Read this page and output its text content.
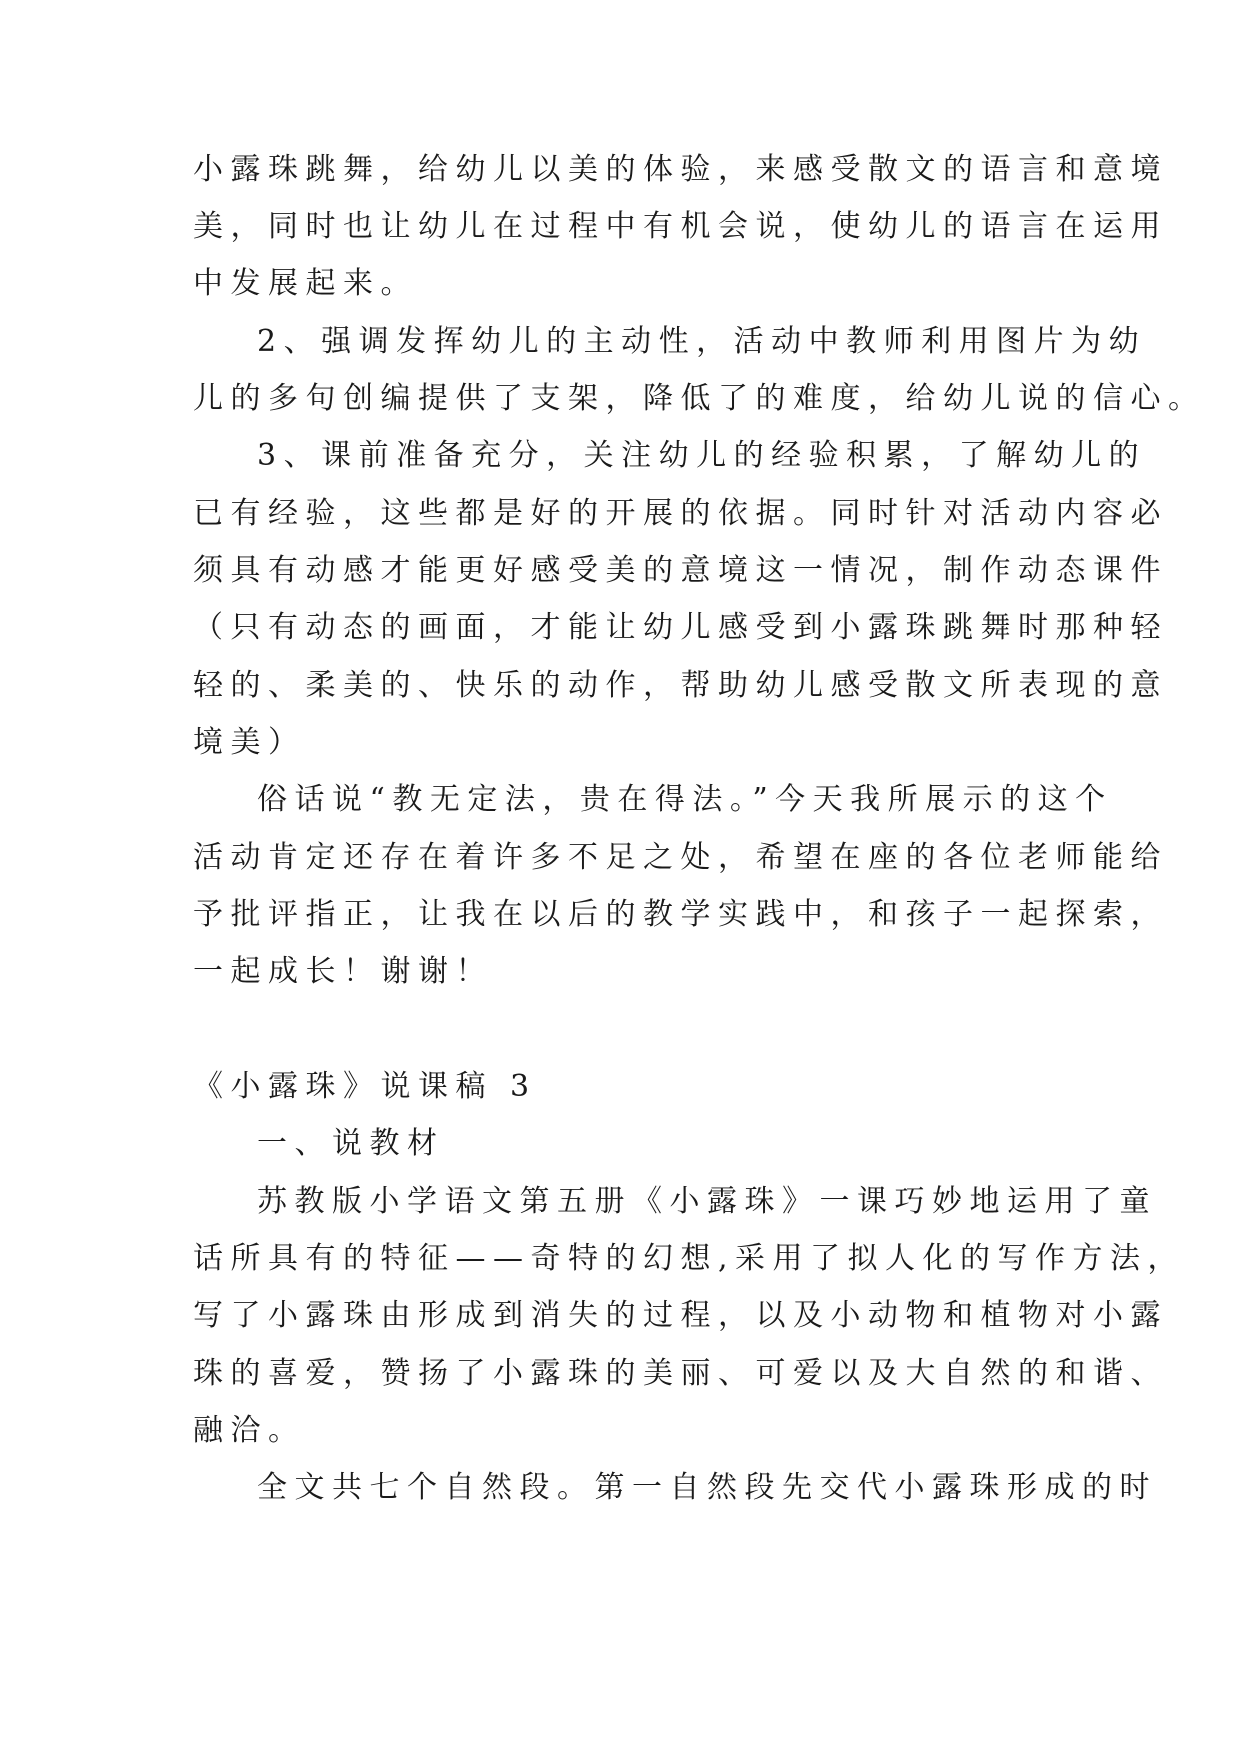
小露珠跳舞，给幼儿以美的体验，来感受散文的语言和意境
美，同时也让幼儿在过程中有机会说，使幼儿的语言在运用
中发展起来。
2、强调发挥幼儿的主动性，活动中教师利用图片为幼
儿的多句创编提供了支架，降低了的难度，给幼儿说的信心。
3、课前准备充分，关注幼儿的经验积累，了解幼儿的
已有经验，这些都是好的开展的依据。同时针对活动内容必
须具有动感才能更好感受美的意境这一情况，制作动态课件
（只有动态的画面，才能让幼儿感受到小露珠跳舞时那种轻
轻的、柔美的、快乐的动作，帮助幼儿感受散文所表现的意
境美）
俗话说“教无定法，贵在得法。”今天我所展示的这个
活动肯定还存在着许多不足之处，希望在座的各位老师能给
予批评指正，让我在以后的教学实践中，和孩子一起探索，
一起成长！谢谢！
《小露珠》说课稿 3
一、说教材
苏教版小学语文第五册《小露珠》一课巧妙地运用了童
话所具有的特征——奇特的幻想,采用了拟人化的写作方法，
写了小露珠由形成到消失的过程，以及小动物和植物对小露
珠的喜爱，赞扬了小露珠的美丽、可爱以及大自然的和谐、
融洽。
全文共七个自然段。第一自然段先交代小露珠形成的时
